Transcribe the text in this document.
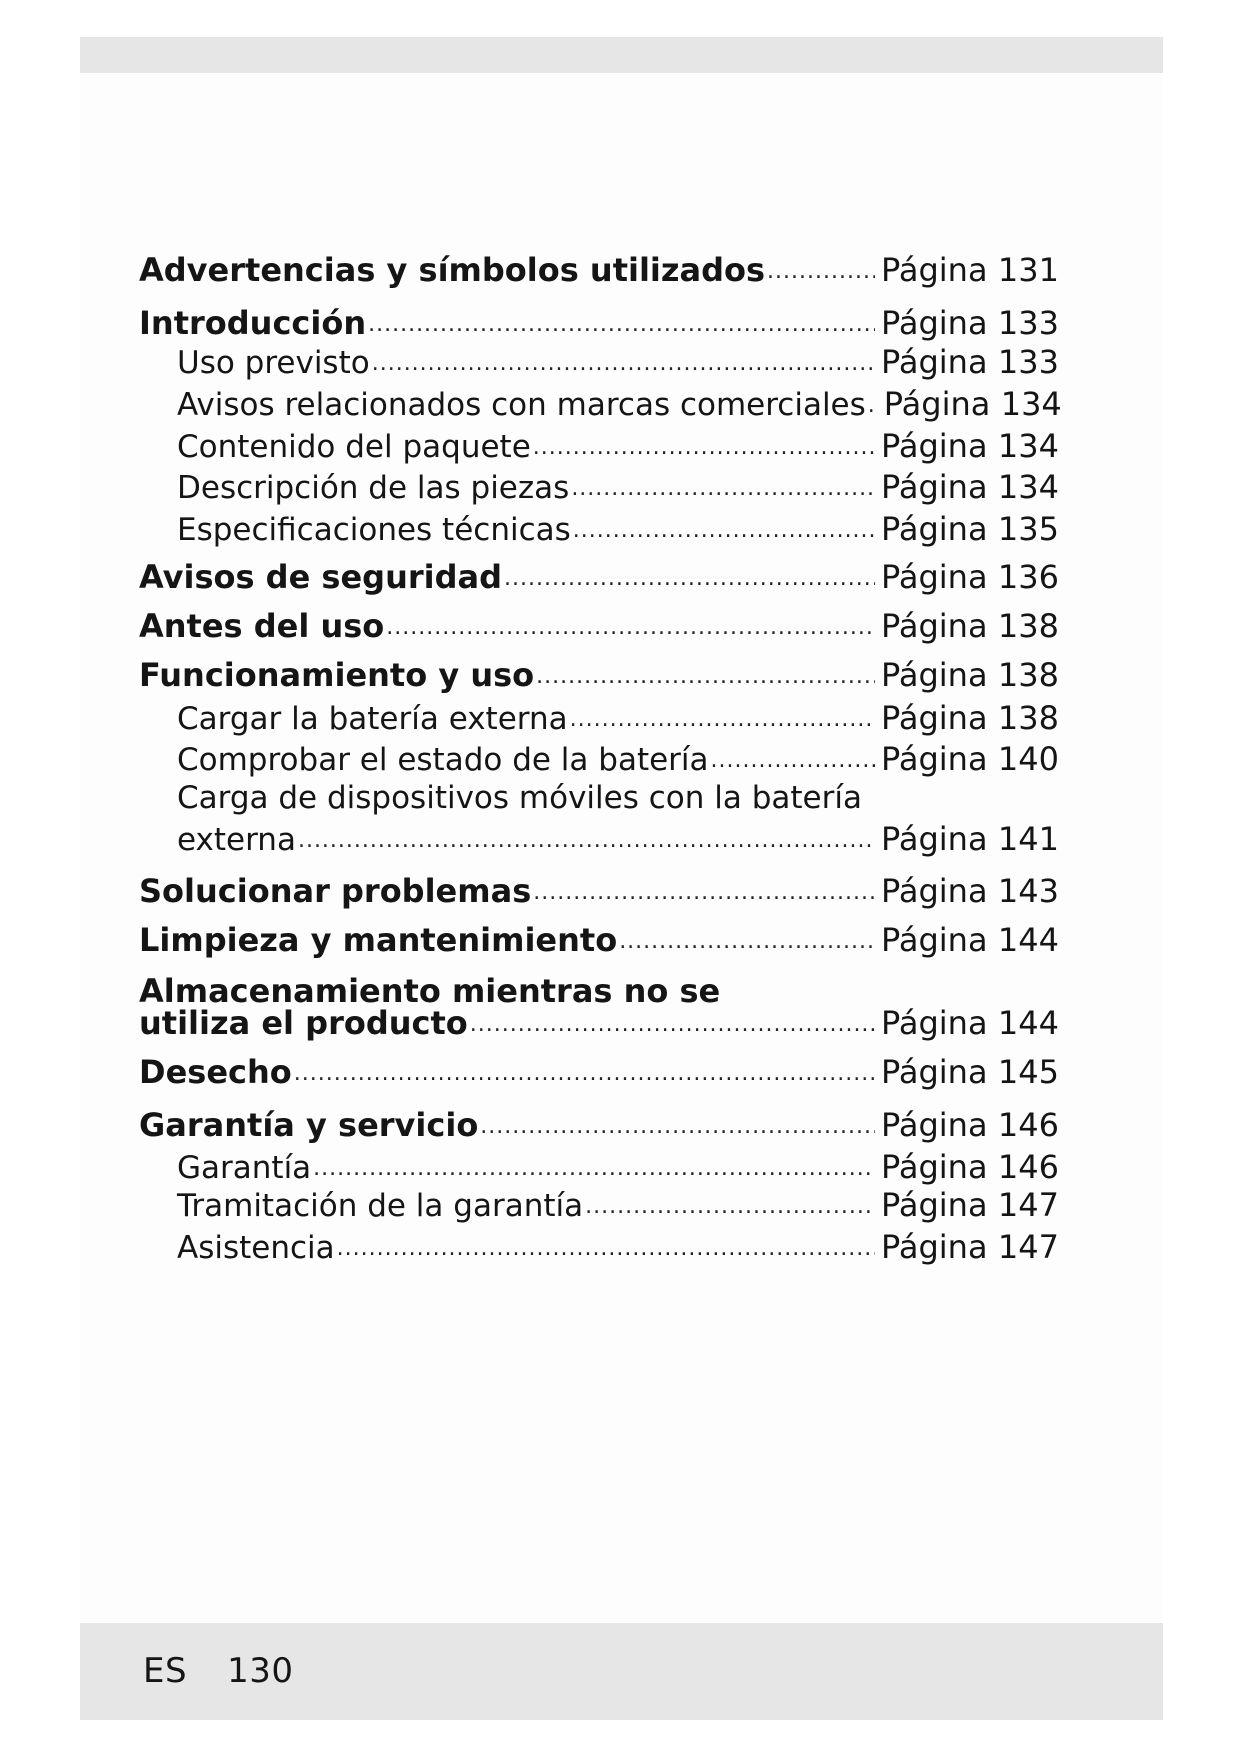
Advertencias y símbolos utilizados .....	Página 131
Introducción .....	Página 133
Uso previsto .....	Página 133
Avisos relacionados con marcas comerciales ..... Página 134
Contenido del paquete .....	Página 134
Descripción de las piezas .....	Página 134
Especificaciones técnicas .....	Página 135
Avisos de seguridad .....	Página 136
Antes del uso .....	Página 138
Funcionamiento y uso .....	Página 138
Cargar la batería externa .....	Página 138
Comprobar el estado de la batería .....	Página 140
Carga de dispositivos móviles con la batería
externa .....	Página 141
Solucionar problemas .....	Página 143
Limpieza y mantenimiento .....	Página 144
Almacenamiento mientras no se
utiliza el producto .....	Página 144
Desecho .....	Página 145
Garantía y servicio .....	Página 146
Garantía .....	Página 146
Tramitación de la garantía .....	Página 147
Asistencia .....	Página 147
ES 130
